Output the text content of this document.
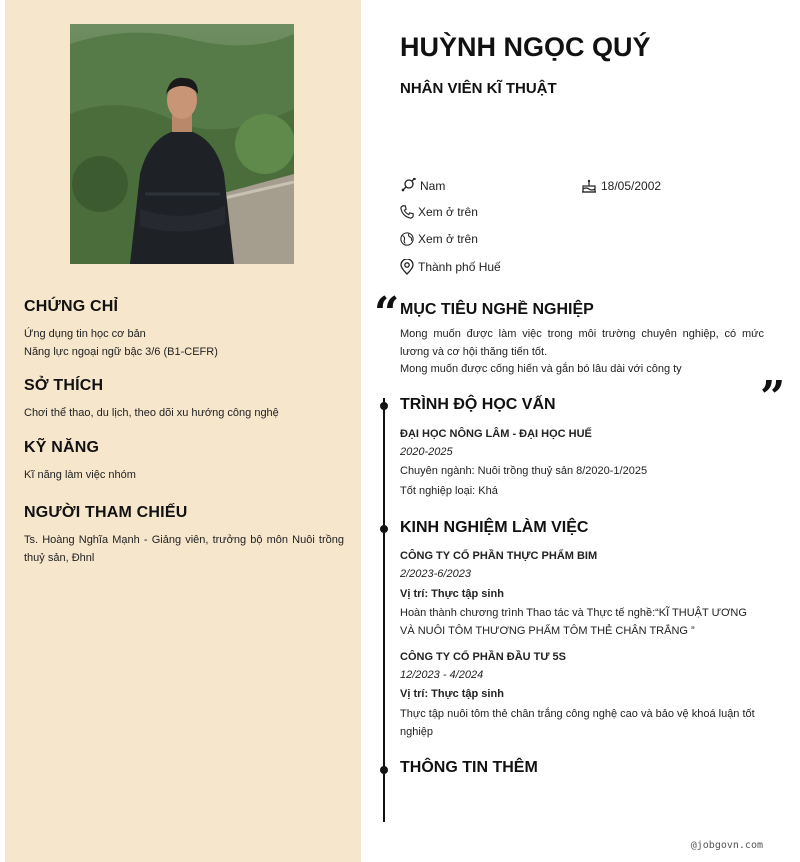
CHỨNG CHỈ

Ứng dụng tin học cơ bản

Năng lực ngoại ngữ bậc 3/6 (B1-CEFR)

SỞ THÍCH

Chơi thể thao, du lịch, theo dõi xu hướng công nghệ

KỸ NĂNG

Kĩ năng làm việc nhóm

NGƯỜI THAM CHIẾU

Ts. Hoàng Nghĩa Mạnh - Giảng viên, trưởng bộ môn Nuôi trồng thuỷ sản, Đhnl

HUỲNH NGỌC QUÝ
NHÂN VIÊN KĨ THUẬT
Nam	18/05/2002
Xem ở trên
Xem ở trên
Thành phố Huế
“ MỤC TIÊU NGHỀ NGHIỆP
Mong muốn được làm việc trong môi trường chuyên nghiệp, có mức lương và cơ hội thăng tiến tốt.
Mong muốn được cống hiến và gắn bó lâu dài với công ty
”
TRÌNH ĐỘ HỌC VẤN
ĐẠI HỌC NÔNG LÂM - ĐẠI HỌC HUẾ
2020-2025
Chuyên ngành: Nuôi trồng thuỷ sản 8/2020-1/2025
Tốt nghiệp loại: Khá
KINH NGHIỆM LÀM VIỆC
CÔNG TY CỔ PHẦN THỰC PHẨM BIM
2/2023-6/2023
Vị trí: Thực tập sinh
Hoàn thành chương trình Thao tác và Thực tế nghề:“KĨ THUẬT ƯƠNG VÀ NUÔI TÔM THƯƠNG PHẨM TÔM THẺ CHÂN TRẮNG ”
CÔNG TY CỔ PHẦN ĐẦU TƯ 5S
12/2023 - 4/2024
Vị trí: Thực tập sinh
Thực tập nuôi tôm thẻ chân trắng công nghệ cao và bảo vệ khoá luận tốt nghiệp
THÔNG TIN THÊM
@jobgovn.com
